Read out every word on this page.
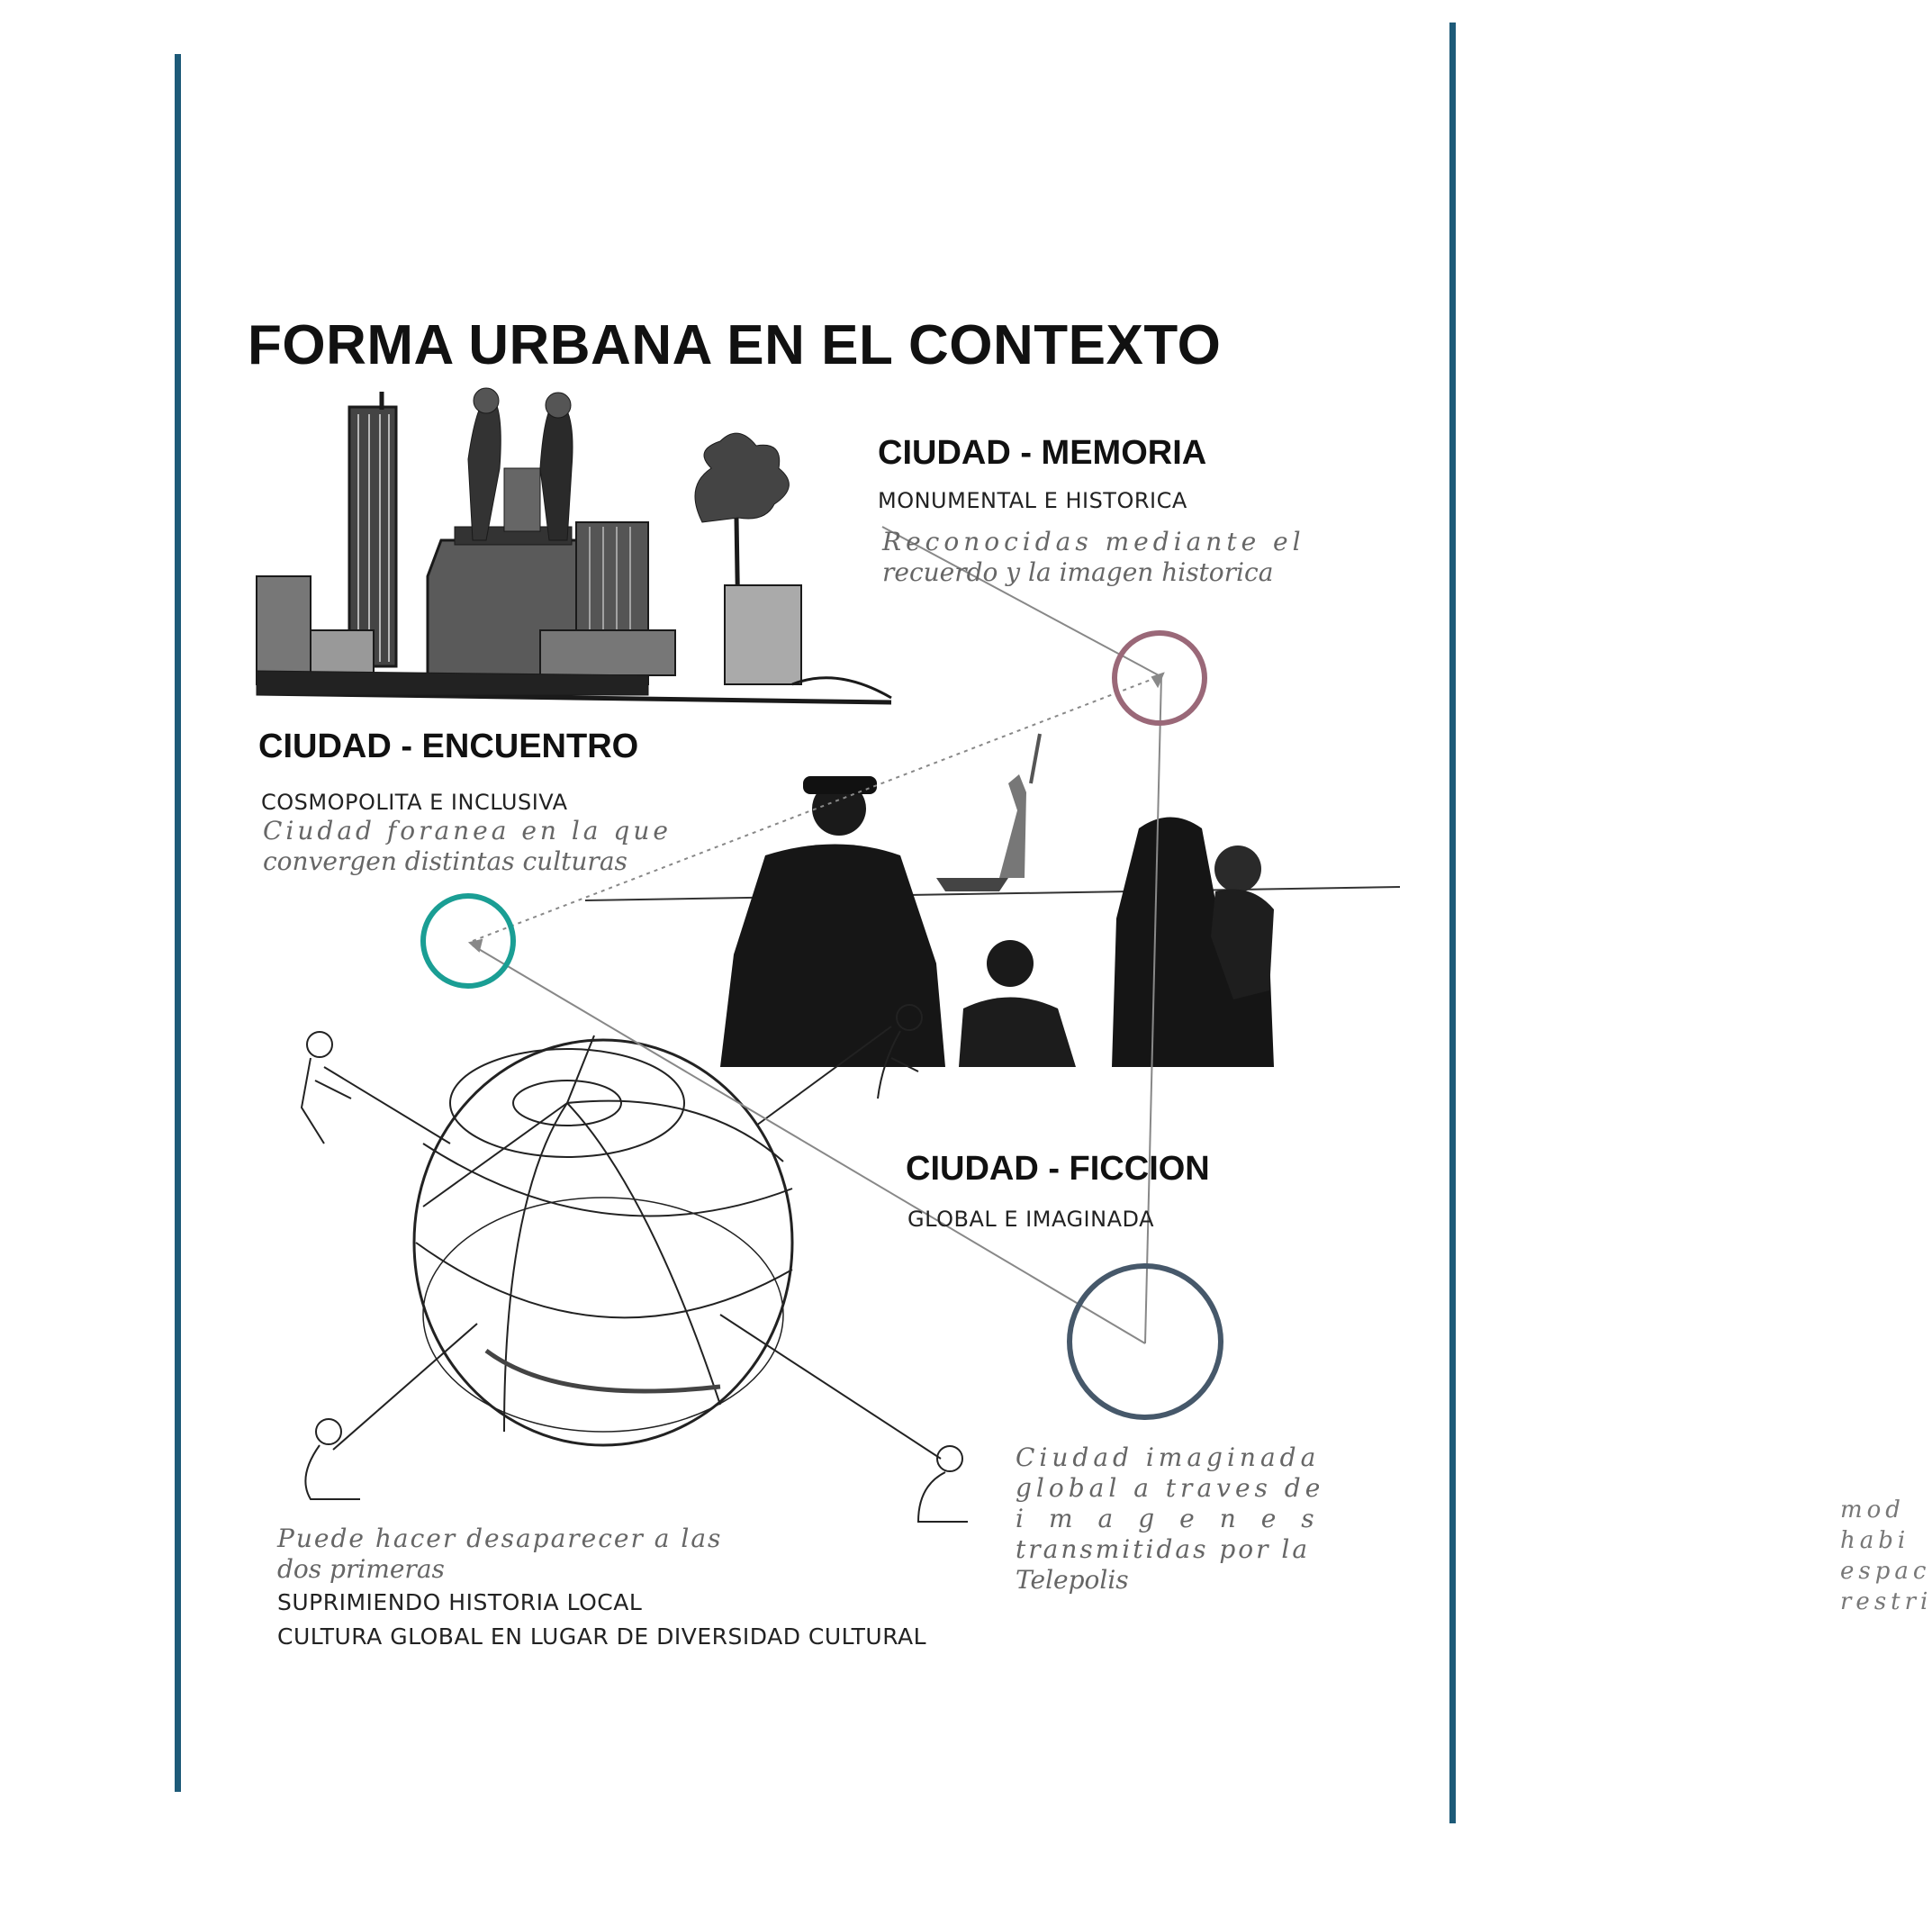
FORMA URBANA EN EL CONTEXTO
CIUDAD - MEMORIA
MONUMENTAL E HISTORICA
Reconocidas mediante el
recuerdo y la imagen historica
CIUDAD - ENCUENTRO
COSMOPOLITA E INCLUSIVA
Ciudad foranea en la que
convergen distintas culturas
CIUDAD - FICCION
GLOBAL E IMAGINADA
Ciudad imaginada
global a traves de
imagenes
transmitidas por la
Telepolis
Puede hacer desaparecer a las
dos primeras
SUPRIMIENDO HISTORIA LOCAL
CULTURA GLOBAL EN LUGAR DE DIVERSIDAD CULTURAL
mod
habi
espac
restri
